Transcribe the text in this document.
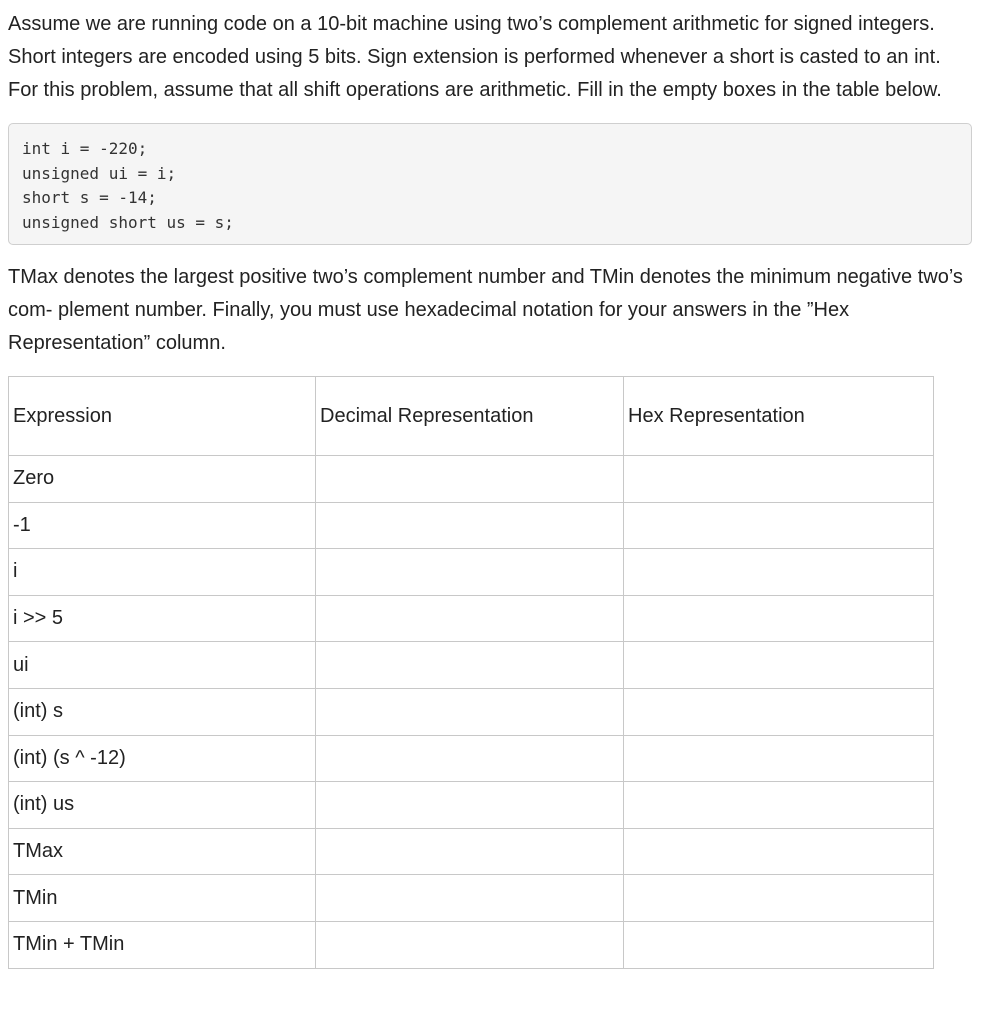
Assume we are running code on a 10-bit machine using two’s complement arithmetic for signed integers. Short integers are encoded using 5 bits. Sign extension is performed whenever a short is casted to an int. For this problem, assume that all shift operations are arithmetic. Fill in the empty boxes in the table below.

int i = -220;
unsigned ui = i;
short s = -14;
unsigned short us = s;

TMax denotes the largest positive two’s complement number and TMin denotes the minimum negative two’s com- plement number. Finally, you must use hexadecimal notation for your answers in the ”Hex Representation” column.

Expression	Decimal Representation	Hex Representation
Zero		
-1		
i		
i >> 5		
ui		
(int) s		
(int) (s ^ -12)		
(int) us		
TMax		
TMin		
TMin + TMin		
